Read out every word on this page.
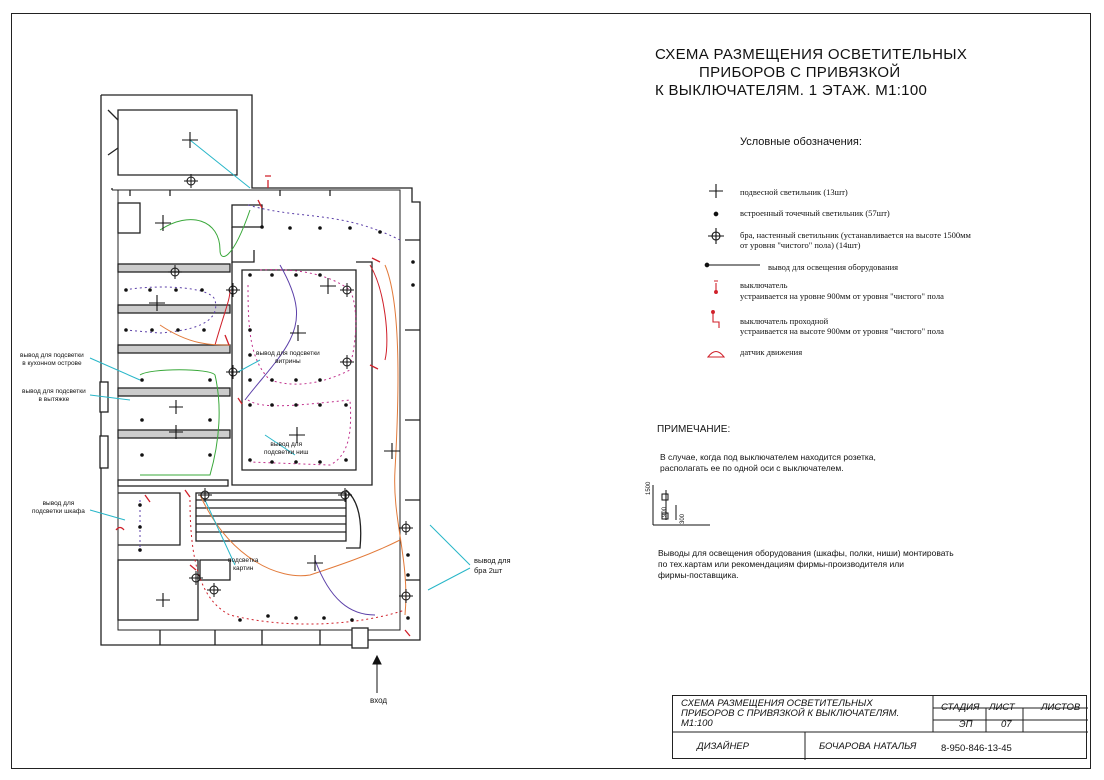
СХЕМА РАЗМЕЩЕНИЯ ОСВЕТИТЕЛЬНЫХ
ПРИБОРОВ С ПРИВЯЗКОЙ
К ВЫКЛЮЧАТЕЛЯМ. 1 ЭТАЖ. М1:100
Условные обозначения:
подвесной светильник (13шт)
встроенный точечный светильник (57шт)
бра, настенный светильник (устанавливается на высоте 1500мм
от уровня "чистого" пола) (14шт)
вывод для освещения оборудования
выключатель
устраивается на уровне 900мм от уровня "чистого" пола
выключатель проходной
устраивается на высоте 900мм от уровня "чистого" пола
датчик движения
ПРИМЕЧАНИЕ:
В случае, когда под выключателем находится розетка,
располагать ее по одной оси с выключателем.
1500
900
300
Выводы для освещения оборудования (шкафы, полки, ниши) монтировать
по тех.картам или рекомендациям фирмы-производителя или
фирмы-поставщика.
вывод для подсветки
в кухонном острове
вывод для подсветки
в вытяжке
вывод для
подсветки шкафа
вывод для подсветки
витрины
вывод для
подсветки ниш
подсветка
картин
вывод для
бра 2шт
вход	СХЕМА РАЗМЕЩЕНИЯ ОСВЕТИТЕЛЬНЫХ
ПРИБОРОВ С ПРИВЯЗКОЙ К ВЫКЛЮЧАТЕЛЯМ.
М1:100
СТАДИЯ ЛИСТ	ЛИСТОВ
ЭП	07
ДИЗАЙНЕР	БОЧАРОВА НАТАЛЬЯ	8-950-846-13-45
